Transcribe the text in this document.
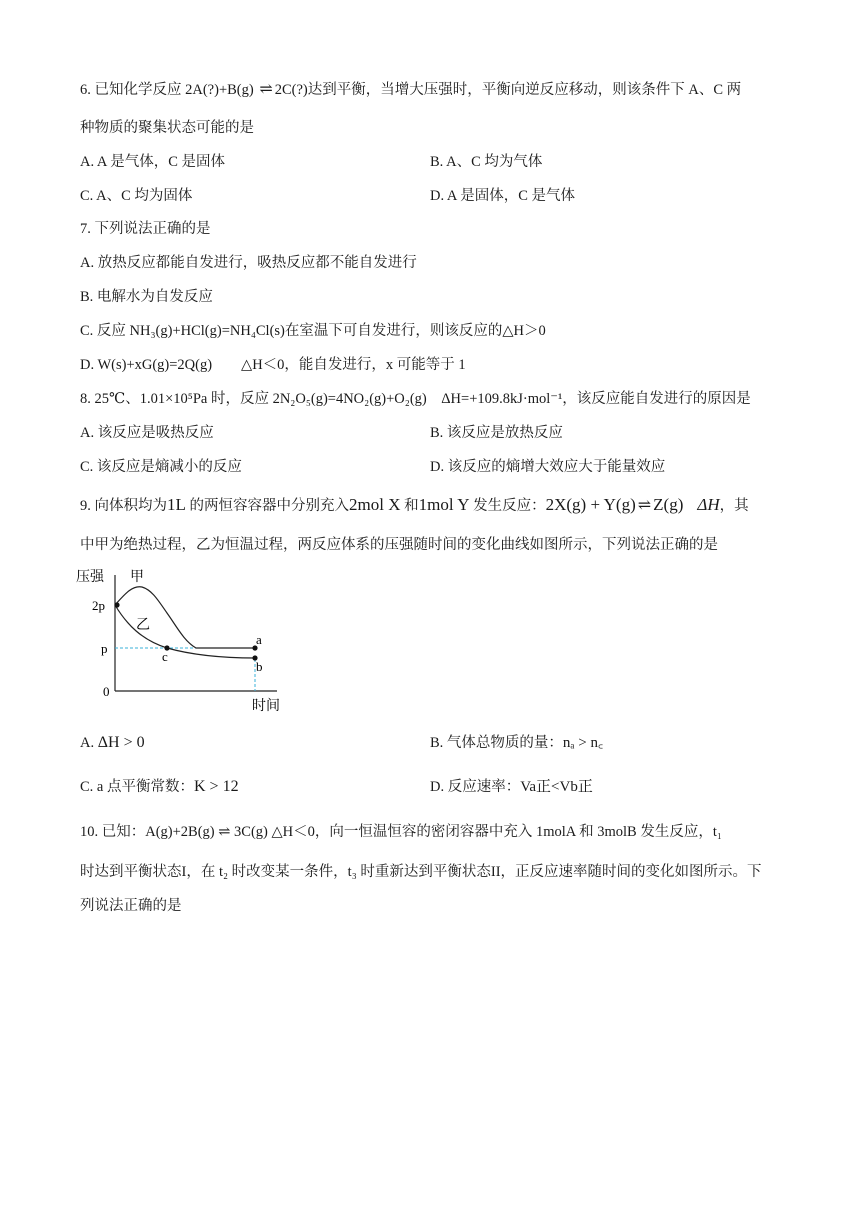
6. 已知化学反应 2A(?)+B(g) ⇌ 2C(?)达到平衡，当增大压强时，平衡向逆反应移动，则该条件下 A、C 两
种物质的聚集状态可能的是
A. A 是气体，C 是固体	B. A、C 均为气体
C. A、C 均为固体	D. A 是固体，C 是气体
7. 下列说法正确的是
A. 放热反应都能自发进行，吸热反应都不能自发进行
B. 电解水为自发反应
C. 反应 NH₃(g)+HCl(g)=NH₄Cl(s)在室温下可自发进行，则该反应的△H＞0
D. W(s)+xG(g)=2Q(g)　　△H＜0，能自发进行，x 可能等于 1
8. 25℃、1.01×10⁵Pa 时，反应 2N₂O₅(g)=4NO₂(g)+O₂(g)　ΔH=+109.8kJ·mol⁻¹，该反应能自发进行的原因是
A. 该反应是吸热反应	B. 该反应是放热反应
C. 该反应是熵减小的反应	D. 该反应的熵增大效应大于能量效应
9. 向体积均为1L 的两恒容容器中分别充入2mol X 和1mol Y 发生反应：2X(g) + Y(g) ⇌ Z(g) ΔH，其
中甲为绝热过程，乙为恒温过程，两反应体系的压强随时间的变化曲线如图所示，下列说法正确的是
压强 甲
乙
2p
p
0
a
b
c
时间
A. ΔH > 0	B. 气体总物质的量：nₐ > n꜀
C. a 点平衡常数：K > 12	D. 反应速率：Va正<Vb正
10. 已知：A(g)+2B(g) ⇌ 3C(g) △H＜0，向一恒温恒容的密闭容器中充入 1molA 和 3molB 发生反应，t₁
时达到平衡状态I，在 t₂ 时改变某一条件，t₃ 时重新达到平衡状态II，正反应速率随时间的变化如图所示。下
列说法正确的是
